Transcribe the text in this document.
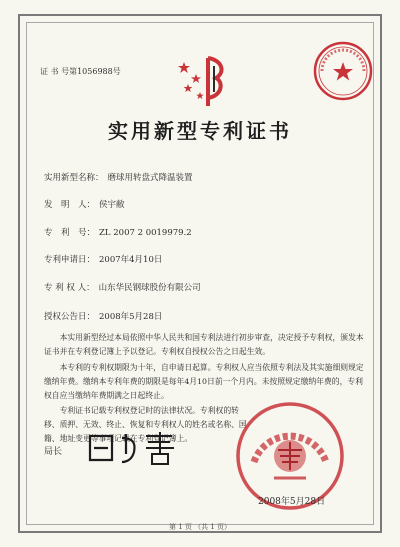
证 书 号第1056988号
实用新型专利证书
实用新型名称： 磨球用转盘式降温装置
发　明　人： 侯宇敝
专　利　号： ZL 2007 2 0019979.2
专利申请日： 2007年4月10日
专 利 权 人： 山东华民钢球股份有限公司
授权公告日： 2008年5月28日
本实用新型经过本局依照中华人民共和国专利法进行初步审查，决定授予专利权，颁发本证书并在专利登记簿上予以登记。专利权自授权公告之日起生效。
本专利的专利权期限为十年，自申请日起算。专利权人应当依照专利法及其实施细则规定缴纳年费。缴纳本专利年费的期限是每年4月10日前一个月内。未按照规定缴纳年费的，专利权自应当缴纳年费期满之日起终止。
专利证书记载专利权登记时的法律状况。专利权的转移、质押、无效、终止、恢复和专利权人的姓名或名称、国籍、地址变更等事项记载在专利登记簿上。
局长
2008年5月28日
第 1 页 （共 1 页）
